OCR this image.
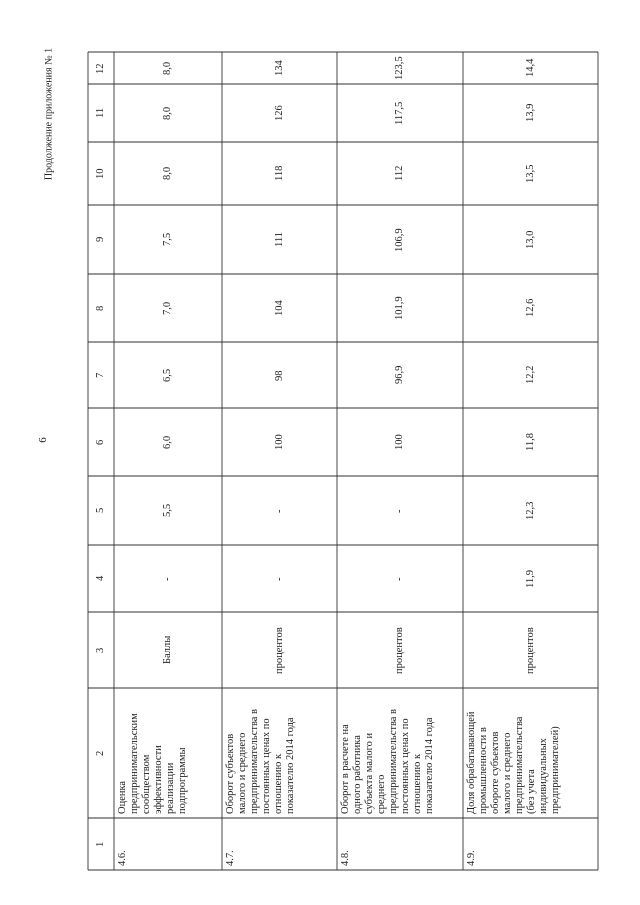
6
Продолжение приложения № 1
1
2
3
4
5
6
7
8
9
10
11
12
4.6.
Оценка
предпринимательским
сообществом
эффективности
реализации
подпрограммы
Баллы
-
5,5
6,0
6,5
7,0
7,5
8,0
8,0
8,0
4.7.
Оборот субъектов
малого и среднего
предпринимательства в
постоянных ценах по
отношению к
показателю 2014 года
процентов
-
-
100
98
104
111
118
126
134
4.8.
Оборот в расчете на
одного работника
субъекта малого и
среднего
предпринимательства в
постоянных ценах по
отношению к
показателю 2014 года
процентов
-
-
100
96,9
101,9
106,9
112
117,5
123,5
4.9.
Доля обрабатывающей
промышленности в
обороте субъектов
малого и среднего
предпринимательства
(без учета
индивидуальных
предпринимателей)
процентов
11,9
12,3
11,8
12,2
12,6
13,0
13,5
13,9
14,4
